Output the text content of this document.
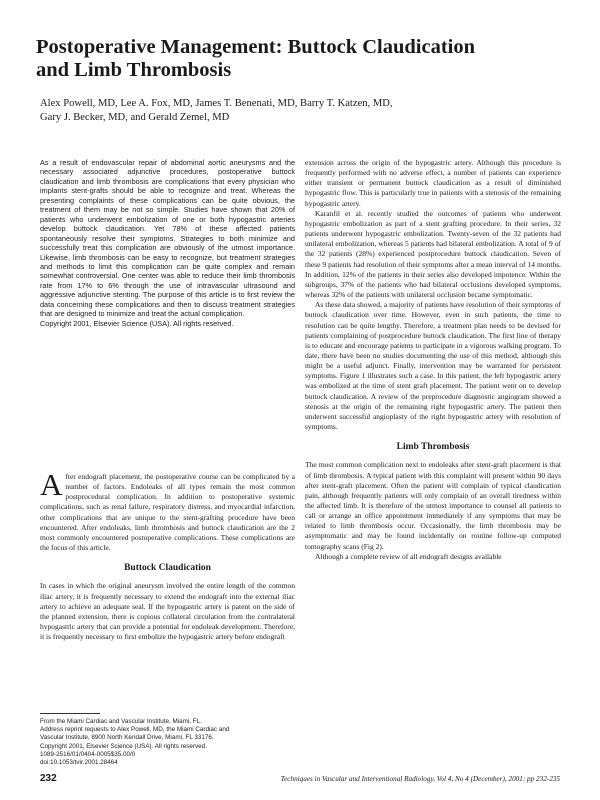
Postoperative Management: Buttock Claudication and Limb Thrombosis
Alex Powell, MD, Lee A. Fox, MD, James T. Benenati, MD, Barry T. Katzen, MD,
Gary J. Becker, MD, and Gerald Zemel, MD

As a result of endovascular repair of abdominal aortic aneurysms and the necessary associated adjunctive procedures, postoperative buttock claudication and limb thrombosis are complications that every physician who implants stent-grafts should be able to recognize and treat. Whereas the presenting complaints of these complications can be quite obvious, the treatment of them may be not so simple. Studies have shown that 20% of patients who underwent embolization of one or both hypogastric arteries develop buttock claudication. Yet 78% of these affected patients spontaneously resolve their symptoms. Strategies to both minimize and successfully treat this complication are obviously of the utmost importance. Likewise, limb thrombosis can be easy to recognize, but treatment strategies and methods to limit this complication can be quite complex and remain somewhat controversial. One center was able to reduce their limb thrombosis rate from 17% to 6% through the use of intravascular ultrasound and aggressive adjunctive stenting. The purpose of this article is to first review the data concerning these complications and then to discuss treatment strategies that are designed to minimize and treat the actual complication.

Copyright 2001, Elsevier Science (USA). All rights reserved.

After endograft placement, the postoperative course can be complicated by a number of factors. Endoleaks of all types remain the most common postprocedural complication. In addition to postoperative systemic complications, such as renal failure, respiratory distress, and myocardial infarction, other complications that are unique to the stent-grafting procedure have been encountered. After endoleaks, limb thrombosis and buttock claudication are the 2 most commonly encountered postoperative complications. These complications are the focus of this article.

Buttock Claudication

In cases in which the original aneurysm involved the entire length of the common iliac artery, it is frequently necessary to extend the endograft into the external iliac artery to achieve an adequate seal. If the hypogastric artery is patent on the side of the planned extension, there is copious collateral circulation from the contralateral hypogastric artery that can provide a potential for endoleak development. Therefore, it is frequently necessary to first embolize the hypogastric artery before endograft

extension across the origin of the hypogastric artery. Although this procedure is frequently performed with no adverse effect, a number of patients can experience either transient or permanent buttock claudication as a result of diminished hypogastric flow. This is particularly true in patients with a stenosis of the remaining hypogastric artery.

Karanfil et al. recently studied the outcomes of patients who underwent hypogastric embolization as part of a stent grafting procedure. In their series, 32 patients underwent hypogastric embolization. Twenty-seven of the 32 patients had unilateral embolization, whereas 5 patients had bilateral embolization. A total of 9 of the 32 patients (28%) experienced postprocedure buttock claudication. Seven of these 9 patients had resolution of their symptoms after a mean interval of 14 months. In addition, 12% of the patients in their series also developed impotence. Within the subgroups, 37% of the patients who had bilateral occlusions developed symptoms, whereas 32% of the patients with unilateral occlusion became symptomatic.

As these data showed, a majority of patients have resolution of their symptoms of buttock claudication over time. However, even in such patients, the time to resolution can be quite lengthy. Therefore, a treatment plan needs to be devised for patients complaining of postprocedure buttock claudication. The first line of therapy is to educate and encourage patients to participate in a vigorous walking program. To date, there have been no studies documenting the use of this method, although this might be a useful adjunct. Finally, intervention may be warranted for persistent symptoms. Figure 1 illustrates such a case. In this patient, the left hypogastric artery was embolized at the time of stent graft placement. The patient went on to develop buttock claudication. A review of the preprocedure diagnostic angiogram showed a stenosis at the origin of the remaining right hypogastric artery. The patient then underwent successful angioplasty of the right hypogastric artery with resolution of symptoms.

Limb Thrombosis

The most common complication next to endoleaks after stent-graft placement is that of limb thrombosis. A typical patient with this complaint will present within 90 days after stent-graft placement. Often the patient will complain of typical claudication pain, although frequently patients will only complain of an overall tiredness within the affected limb. It is therefore of the utmost importance to counsel all patients to call or arrange an office appointment immediately if any symptoms that may be related to limb thrombosis occur. Occasionally, the limb thrombosis may be asymptomatic and may be found incidentally on routine follow-up computed tomography scans (Fig 2).

Although a complete review of all endograft designs available

From the Miami Cardiac and Vascular Institute, Miami, FL.
Address reprint requests to Alex Powell, MD, the Miami Cardiac and
Vascular Institute, 8900 North Kendall Drive, Miami, FL 33176.
Copyright 2001, Elsevier Science (USA). All rights reserved.
1089-2516/01/0404-0005$35.00/0
doi:10.1053/tvir.2001.28464
232	Techniques in Vascular and Interventional Radiology, Vol 4, No 4 (December), 2001: pp 232-235
